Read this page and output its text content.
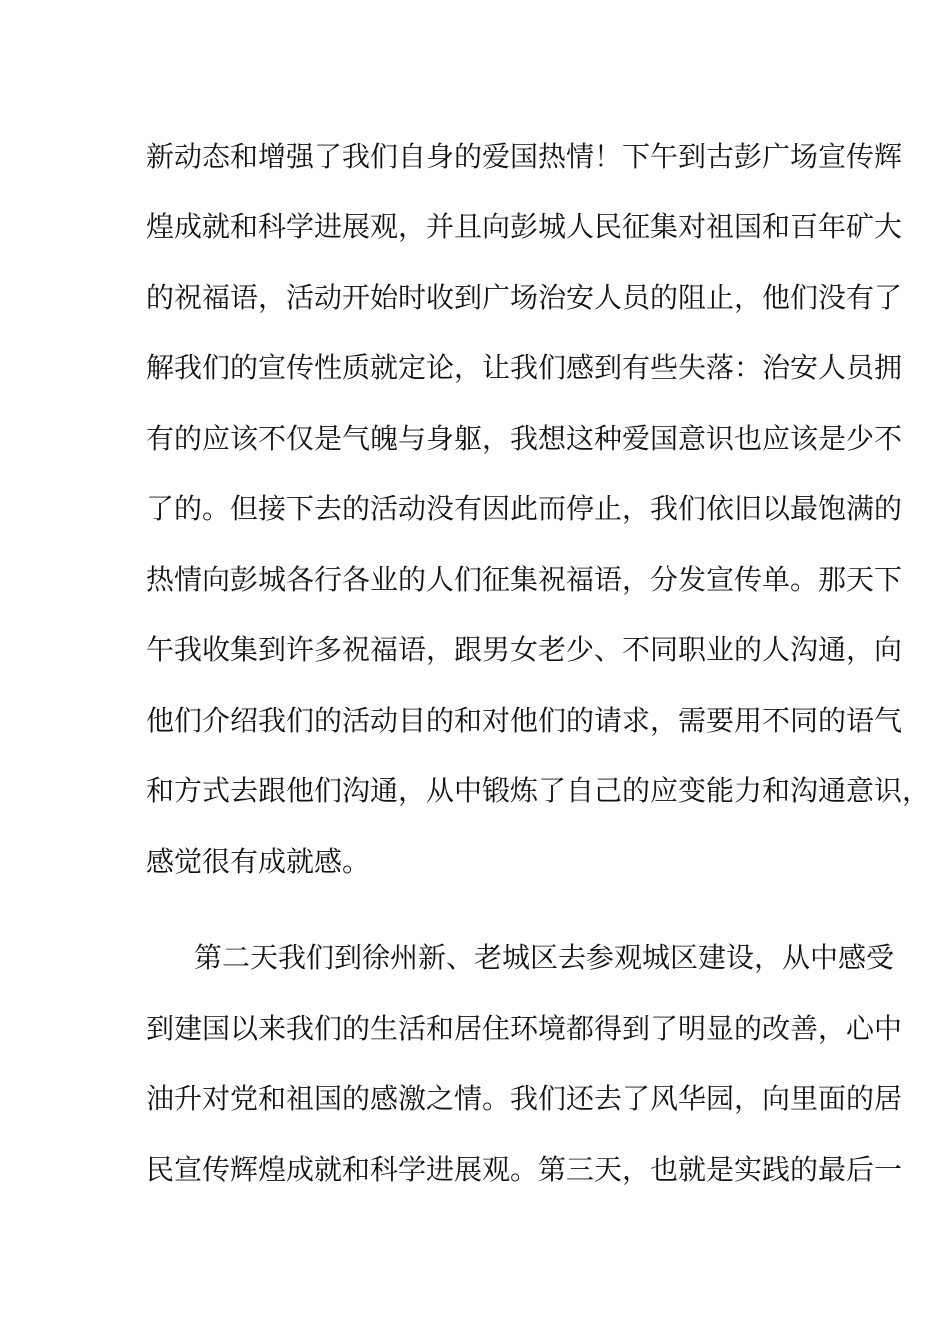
新动态和增强了我们自身的爱国热情！下午到古彭广场宣传辉
煌成就和科学进展观，并且向彭城人民征集对祖国和百年矿大
的祝福语，活动开始时收到广场治安人员的阻止，他们没有了
解我们的宣传性质就定论，让我们感到有些失落：治安人员拥
有的应该不仅是气魄与身躯，我想这种爱国意识也应该是少不
了的。但接下去的活动没有因此而停止，我们依旧以最饱满的
热情向彭城各行各业的人们征集祝福语，分发宣传单。那天下
午我收集到许多祝福语，跟男女老少、不同职业的人沟通，向
他们介绍我们的活动目的和对他们的请求，需要用不同的语气
和方式去跟他们沟通，从中锻炼了自己的应变能力和沟通意识，
感觉很有成就感。
第二天我们到徐州新、老城区去参观城区建设，从中感受
到建国以来我们的生活和居住环境都得到了明显的改善，心中
油升对党和祖国的感激之情。我们还去了风华园，向里面的居
民宣传辉煌成就和科学进展观。第三天，也就是实践的最后一
